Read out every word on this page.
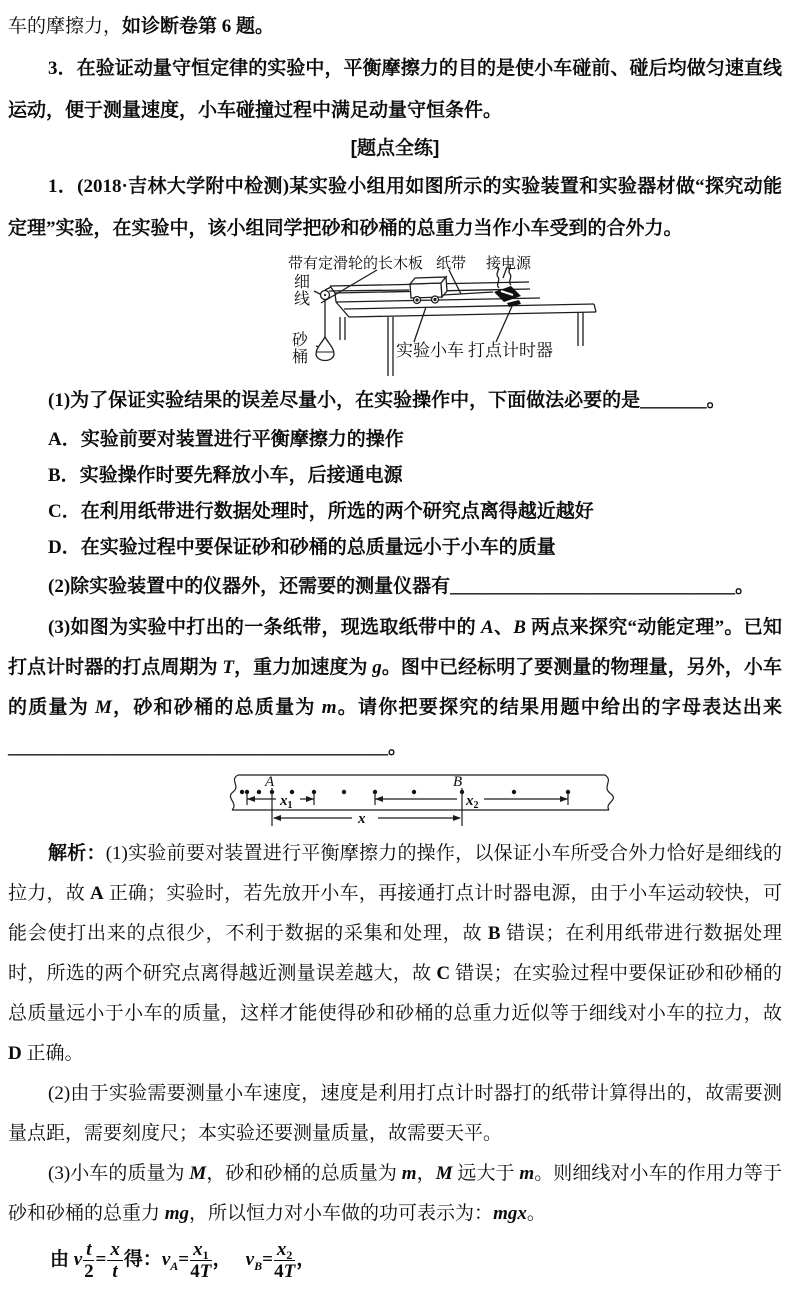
车的摩擦力，如诊断卷第 6 题。

3．在验证动量守恒定律的实验中，平衡摩擦力的目的是使小车碰前、碰后均做匀速直线运动，便于测量速度，小车碰撞过程中满足动量守恒条件。

[题点全练]

1．(2018·吉林大学附中检测)某实验小组用如图所示的实验装置和实验器材做“探究动能定理”实验，在实验中，该小组同学把砂和砂桶的总重力当作小车受到的合外力。

带有定滑轮的长木板 纸带 接电源
细线
砂桶	实验小车 打点计时器

(1)为了保证实验结果的误差尽量小，在实验操作中，下面做法必要的是_______。

A．实验前要对装置进行平衡摩擦力的操作

B．实验操作时要先释放小车，后接通电源

C．在利用纸带进行数据处理时，所选的两个研究点离得越近越好

D．在实验过程中要保证砂和砂桶的总质量远小于小车的质量

(2)除实验装置中的仪器外，还需要的测量仪器有______________________________。

(3)如图为实验中打出的一条纸带，现选取纸带中的 A、B 两点来探究“动能定理”。已知打点计时器的打点周期为 T，重力加速度为 g。图中已经标明了要测量的物理量，另外，小车的质量为 M，砂和砂桶的总质量为 m。请你把要探究的结果用题中给出的字母表达出来________________________________________。

A	B
$x_1$	$x_2$
x

解析：(1)实验前要对装置进行平衡摩擦力的操作，以保证小车所受合外力恰好是细线的拉力，故 A 正确；实验时，若先放开小车，再接通打点计时器电源，由于小车运动较快，可能会使打出来的点很少，不利于数据的采集和处理，故 B 错误；在利用纸带进行数据处理时，所选的两个研究点离得越近测量误差越大，故 C 错误；在实验过程中要保证砂和砂桶的总质量远小于小车的质量，这样才能使得砂和砂桶的总重力近似等于细线对小车的拉力，故 D 正确。

(2)由于实验需要测量小车速度，速度是利用打点计时器打的纸带计算得出的，故需要测量点距，需要刻度尺；本实验还要测量质量，故需要天平。

(3)小车的质量为 M，砂和砂桶的总质量为 m，M 远大于 m。则细线对小车的作用力等于砂和砂桶的总重力 mg，所以恒力对小车做的功可表示为：mgx。

由 v $\frac{t}{2} = \frac{x}{t}$ 得：$v_A= \frac{x_1}{4T}$ ， $v_B= \frac{x_2}{4T}$ ，
